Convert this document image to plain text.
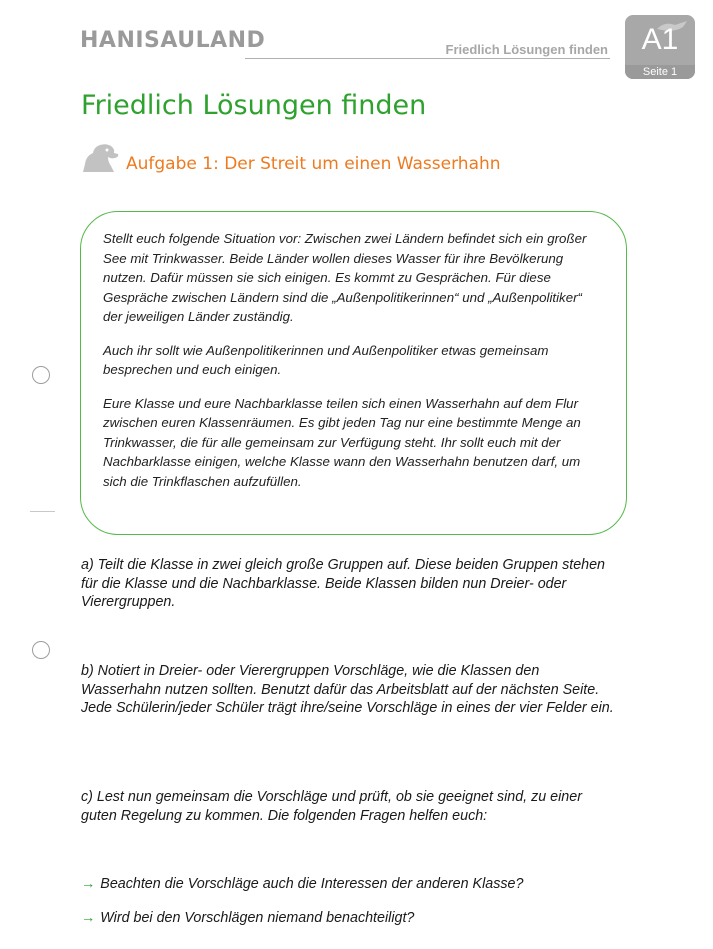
HANISAULAND	Friedlich Lösungen finden	A1
Seite 1
Friedlich Lösungen finden
Aufgabe 1: Der Streit um einen Wasserhahn

Stellt euch folgende Situation vor: Zwischen zwei Ländern befindet sich ein großer See mit Trinkwasser. Beide Länder wollen dieses Wasser für ihre Bevölkerung nutzen. Dafür müssen sie sich einigen. Es kommt zu Gesprächen. Für diese Gespräche zwischen Ländern sind die „Außenpolitikerinnen“ und „Außenpolitiker“ der jeweiligen Länder zuständig.

Auch ihr sollt wie Außenpolitikerinnen und Außenpolitiker etwas gemeinsam besprechen und euch einigen.

Eure Klasse und eure Nachbarklasse teilen sich einen Wasserhahn auf dem Flur zwischen euren Klassenräumen. Es gibt jeden Tag nur eine bestimmte Menge an Trinkwasser, die für alle gemeinsam zur Verfügung steht. Ihr sollt euch mit der Nachbarklasse einigen, welche Klasse wann den Wasserhahn benutzen darf, um sich die Trinkflaschen aufzufüllen.

a) Teilt die Klasse in zwei gleich große Gruppen auf. Diese beiden Gruppen stehen für die Klasse und die Nachbarklasse. Beide Klassen bilden nun Dreier- oder Vierergruppen.

b) Notiert in Dreier- oder Vierergruppen Vorschläge, wie die Klassen den Wasserhahn nutzen sollten. Benutzt dafür das Arbeitsblatt auf der nächsten Seite. Jede Schülerin/jeder Schüler trägt ihre/seine Vorschläge in eines der vier Felder ein.

c) Lest nun gemeinsam die Vorschläge und prüft, ob sie geeignet sind, zu einer guten Regelung zu kommen. Die folgenden Fragen helfen euch:

→ Beachten die Vorschläge auch die Interessen der anderen Klasse?

→ Wird bei den Vorschlägen niemand benachteiligt?
